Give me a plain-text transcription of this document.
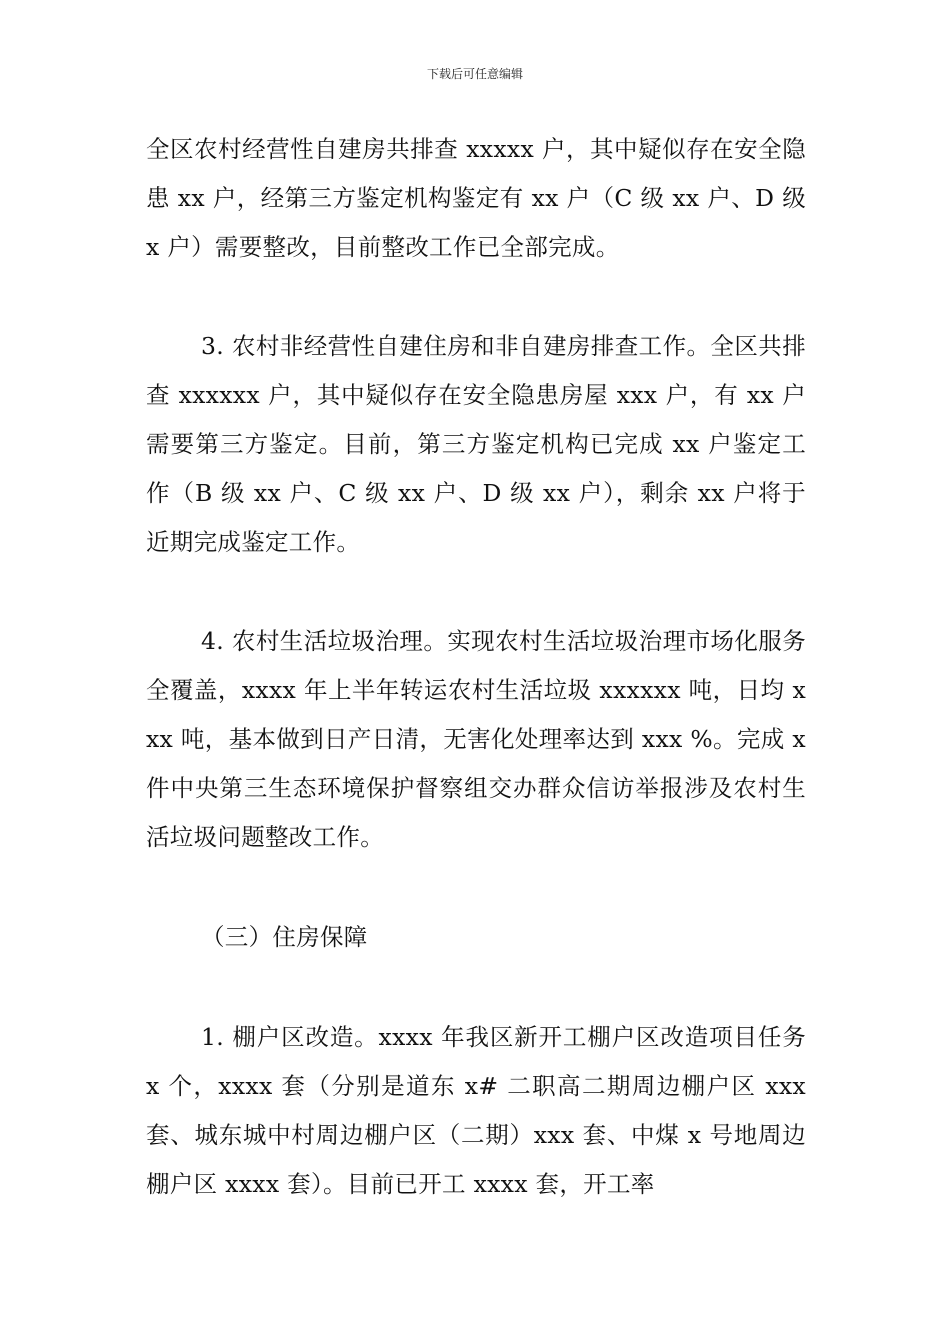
下载后可任意编辑

全区农村经营性自建房共排查 xxxxx 户，其中疑似存在安全隐患 xx 户，经第三方鉴定机构鉴定有 xx 户（C 级 xx 户、D 级 x 户）需要整改，目前整改工作已全部完成。

3. 农村非经营性自建住房和非自建房排查工作。全区共排查 xxxxxx 户，其中疑似存在安全隐患房屋 xxx 户，有 xx 户需要第三方鉴定。目前，第三方鉴定机构已完成 xx 户鉴定工作（B 级 xx 户、C 级 xx 户、D 级 xx 户），剩余 xx 户将于近期完成鉴定工作。

4. 农村生活垃圾治理。实现农村生活垃圾治理市场化服务全覆盖，xxxx 年上半年转运农村生活垃圾 xxxxxx 吨，日均 xxx 吨，基本做到日产日清，无害化处理率达到 xxx %。完成 x 件中央第三生态环境保护督察组交办群众信访举报涉及农村生活垃圾问题整改工作。

（三）住房保障

1. 棚户区改造。xxxx 年我区新开工棚户区改造项目任务 x 个，xxxx 套（分别是道东 x# 二职高二期周边棚户区 xxx 套、城东城中村周边棚户区（二期）xxx 套、中煤 x 号地周边棚户区 xxxx 套）。目前已开工 xxxx 套，开工率
